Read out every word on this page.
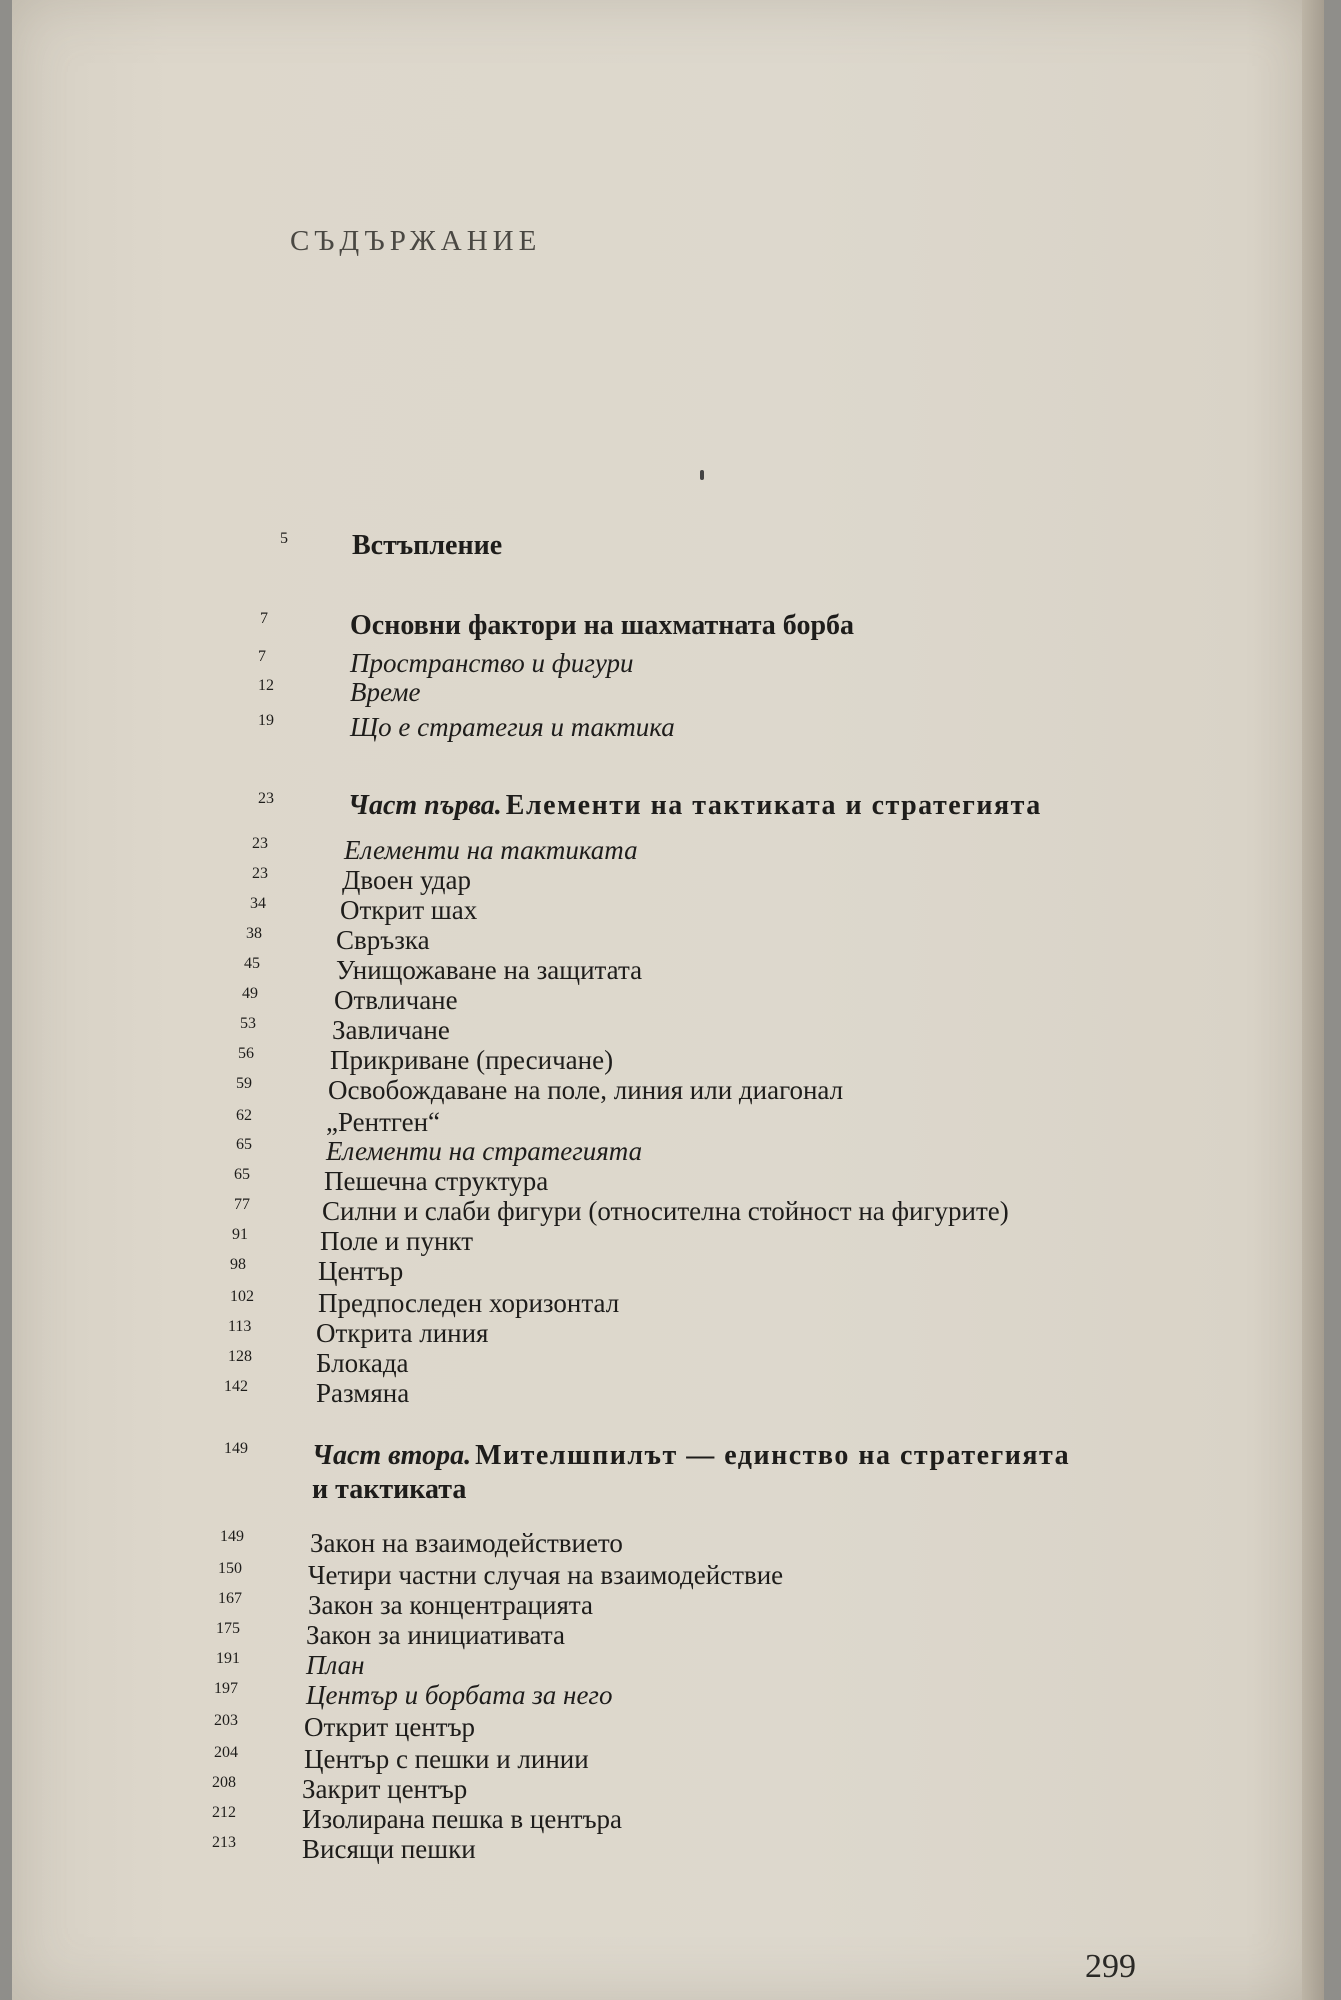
СЪДЪРЖАНИЕ
5	Встъпление
7	Основни фактори на шахматната борба
7	Пространство и фигури
12	Време
19	Що е стратегия и тактика
23	Част първа. Елементи на тактиката и стратегията
23	Елементи на тактиката
23	Двоен удар
34	Открит шах
38	Свръзка
45	Унищожаване на защитата
49	Отвличане
53	Завличане
56	Прикриване (пресичане)
59	Освобождаване на поле, линия или диагонал
62	„Рентген“
65	Елементи на стратегията
65	Пешечна структура
77	Силни и слаби фигури (относителна стойност на фигурите)
91	Поле и пункт
98	Център
102	Предпоследен хоризонтал
113	Открита линия
128	Блокада
142	Размяна
149	Част втора. Мителшпилът — единство на стратегията
и тактиката
149	Закон на взаимодействието
150	Четири частни случая на взаимодействие
167	Закон за концентрацията
175	Закон за инициативата
191	План
197	Център и борбата за него
203	Открит център
204	Център с пешки и линии
208	Закрит център
212	Изолирана пешка в центъра
213	Висящи пешки
299
